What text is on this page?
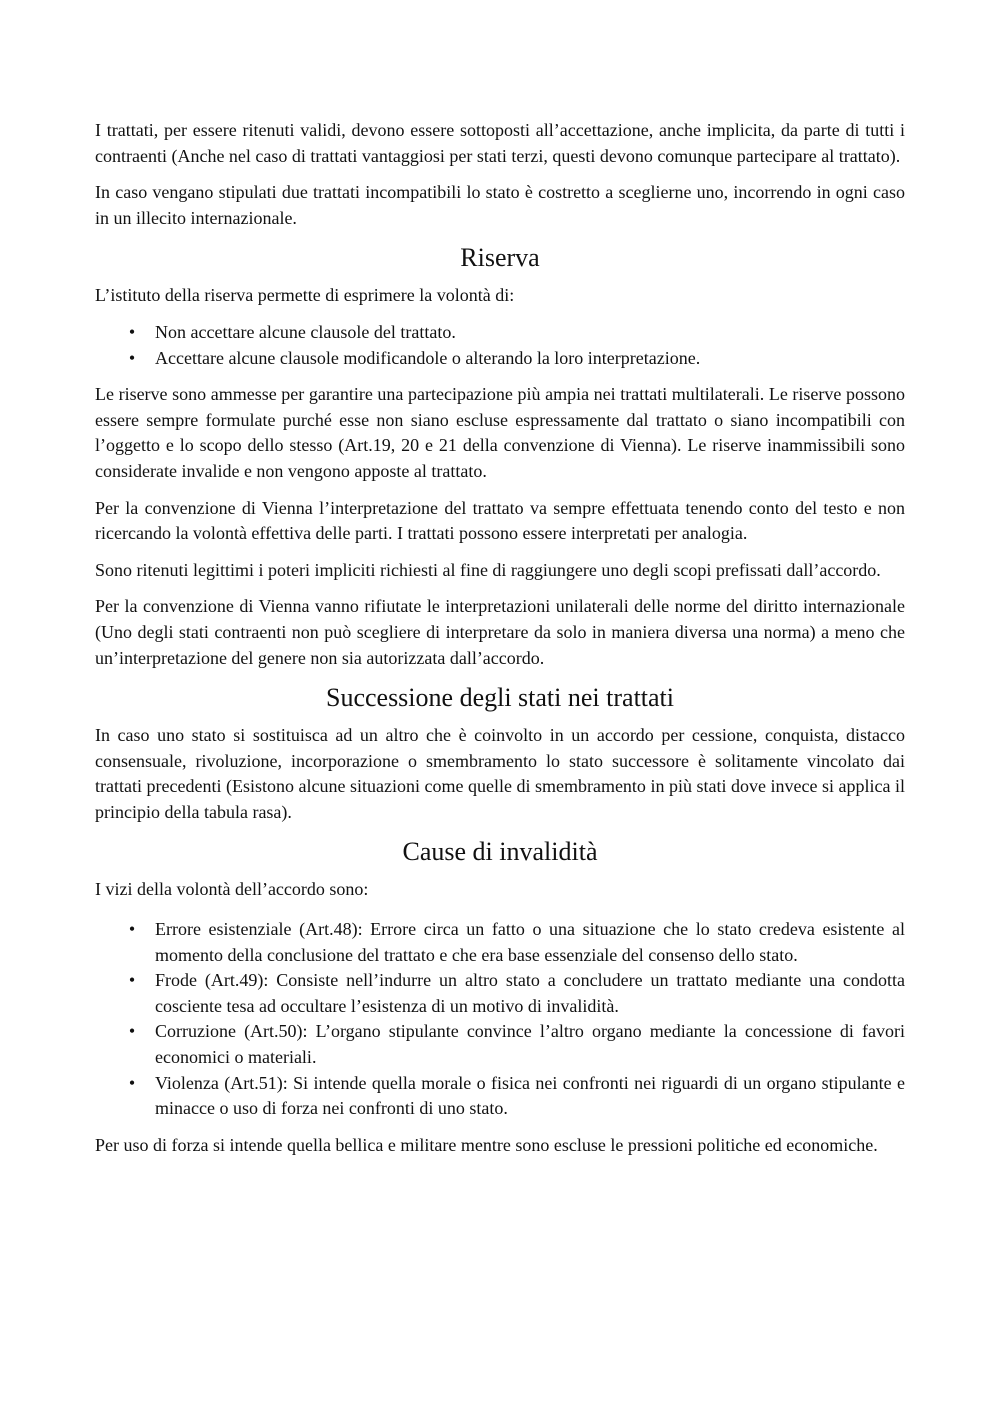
I trattati, per essere ritenuti validi, devono essere sottoposti all’accettazione, anche implicita, da parte di tutti i contraenti (Anche nel caso di trattati vantaggiosi per stati terzi, questi devono comunque partecipare al trattato).

In caso vengano stipulati due trattati incompatibili lo stato è costretto a sceglierne uno, incorrendo in ogni caso in un illecito internazionale.

Riserva

L’istituto della riserva permette di esprimere la volontà di:

• Non accettare alcune clausole del trattato.
• Accettare alcune clausole modificandole o alterando la loro interpretazione.

Le riserve sono ammesse per garantire una partecipazione più ampia nei trattati multilaterali. Le riserve possono essere sempre formulate purché esse non siano escluse espressamente dal trattato o siano incompatibili con l’oggetto e lo scopo dello stesso (Art.19, 20 e 21 della convenzione di Vienna). Le riserve inammissibili sono considerate invalide e non vengono apposte al trattato.

Per la convenzione di Vienna l’interpretazione del trattato va sempre effettuata tenendo conto del testo e non ricercando la volontà effettiva delle parti. I trattati possono essere interpretati per analogia.

Sono ritenuti legittimi i poteri impliciti richiesti al fine di raggiungere uno degli scopi prefissati dall’accordo.

Per la convenzione di Vienna vanno rifiutate le interpretazioni unilaterali delle norme del diritto internazionale (Uno degli stati contraenti non può scegliere di interpretare da solo in maniera diversa una norma) a meno che un’interpretazione del genere non sia autorizzata dall’accordo.

Successione degli stati nei trattati

In caso uno stato si sostituisca ad un altro che è coinvolto in un accordo per cessione, conquista, distacco consensuale, rivoluzione, incorporazione o smembramento lo stato successore è solitamente vincolato dai trattati precedenti (Esistono alcune situazioni come quelle di smembramento in più stati dove invece si applica il principio della tabula rasa).

Cause di invalidità

I vizi della volontà dell’accordo sono:

• Errore esistenziale (Art.48): Errore circa un fatto o una situazione che lo stato credeva esistente al momento della conclusione del trattato e che era base essenziale del consenso dello stato.
• Frode (Art.49): Consiste nell’indurre un altro stato a concludere un trattato mediante una condotta cosciente tesa ad occultare l’esistenza di un motivo di invalidità.
• Corruzione (Art.50): L’organo stipulante convince l’altro organo mediante la concessione di favori economici o materiali.
• Violenza (Art.51): Si intende quella morale o fisica nei confronti nei riguardi di un organo stipulante e minacce o uso di forza nei confronti di uno stato.

Per uso di forza si intende quella bellica e militare mentre sono escluse le pressioni politiche ed economiche.
